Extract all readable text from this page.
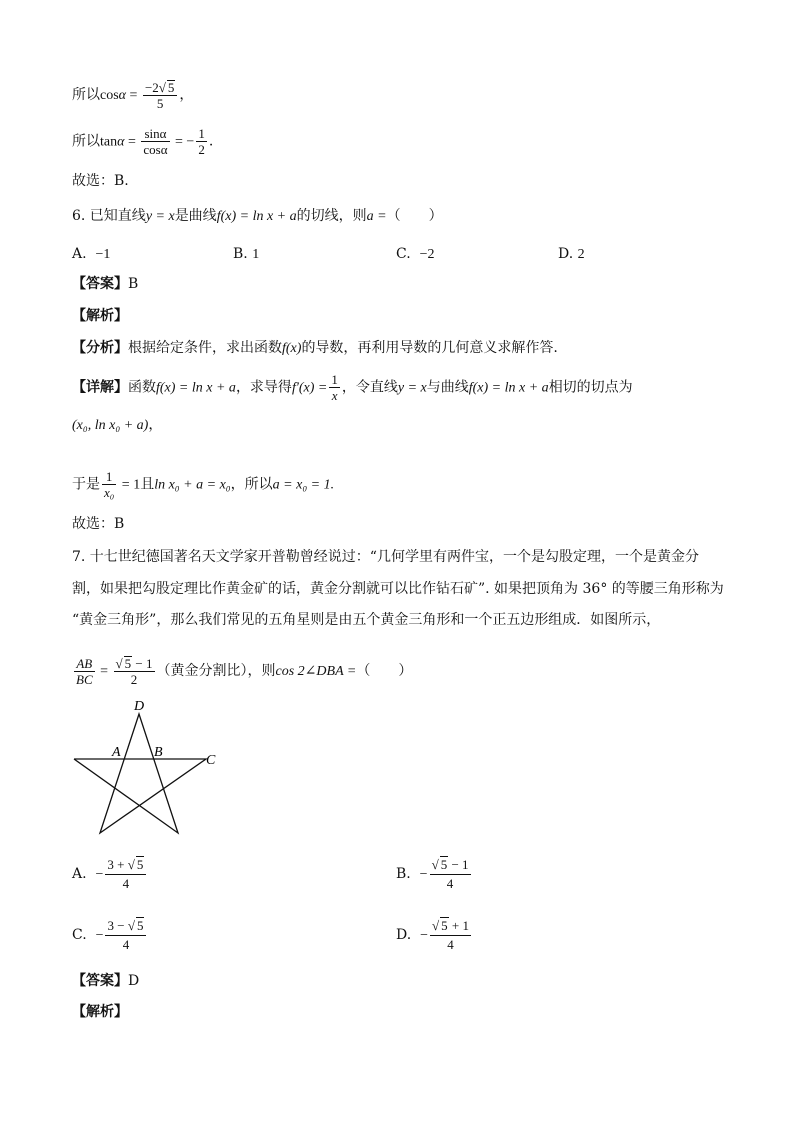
所以$\cos\alpha = \frac{-2√ 5}{5}$ ，
所以$\tan\alpha = \frac{\sin\alpha}{\cos\alpha}$ = − $\frac{1}{2}$ .
故选：B.
6. 已知直线y = x是曲线f(x) = ln x + a的切线，则a =（　　）
A. −1	B. 1	C. −2	D. 2
【答案】B
【解析】
【分析】根据给定条件，求出函数f(x)的导数，再利用导数的几何意义求解作答.
【详解】函数f(x) = ln x + a，求导得$f'(x) = \frac{1}{x}$ ，令直线y = x与曲线f(x) = ln x + a相切的切点为
(x₀, ln x₀ + a)，
于是 $\frac{1}{\text{x₀}} = 1$且ln x₀ + a = x₀，所以a = x₀ = 1.
故选：B
7. 十七世纪德国著名天文学家开普勒曾经说过：“几何学里有两件宝，一个是勾股定理，一个是黄金分
割，如果把勾股定理比作黄金矿的话，黄金分割就可以比作钻石矿”. 如果把顶角为 36° 的等腰三角形称为
“黄金三角形”，那么我们常见的五角星则是由五个黄金三角形和一个正五边形组成．如图所示，
$\frac{AB}{BC} = \frac{√ 5 - 1}{2}$ （黄金分割比），则cos 2∠DBA =（　　）
D
A B
C
A. − $\frac{3 + √ 5}{4}$	B. − $\frac{√ 5 - 1}{4}$
C. − $\frac{3 - √ 5}{4}$	D. − $\frac{√ 5 + 1}{4}$
【答案】D
【解析】
